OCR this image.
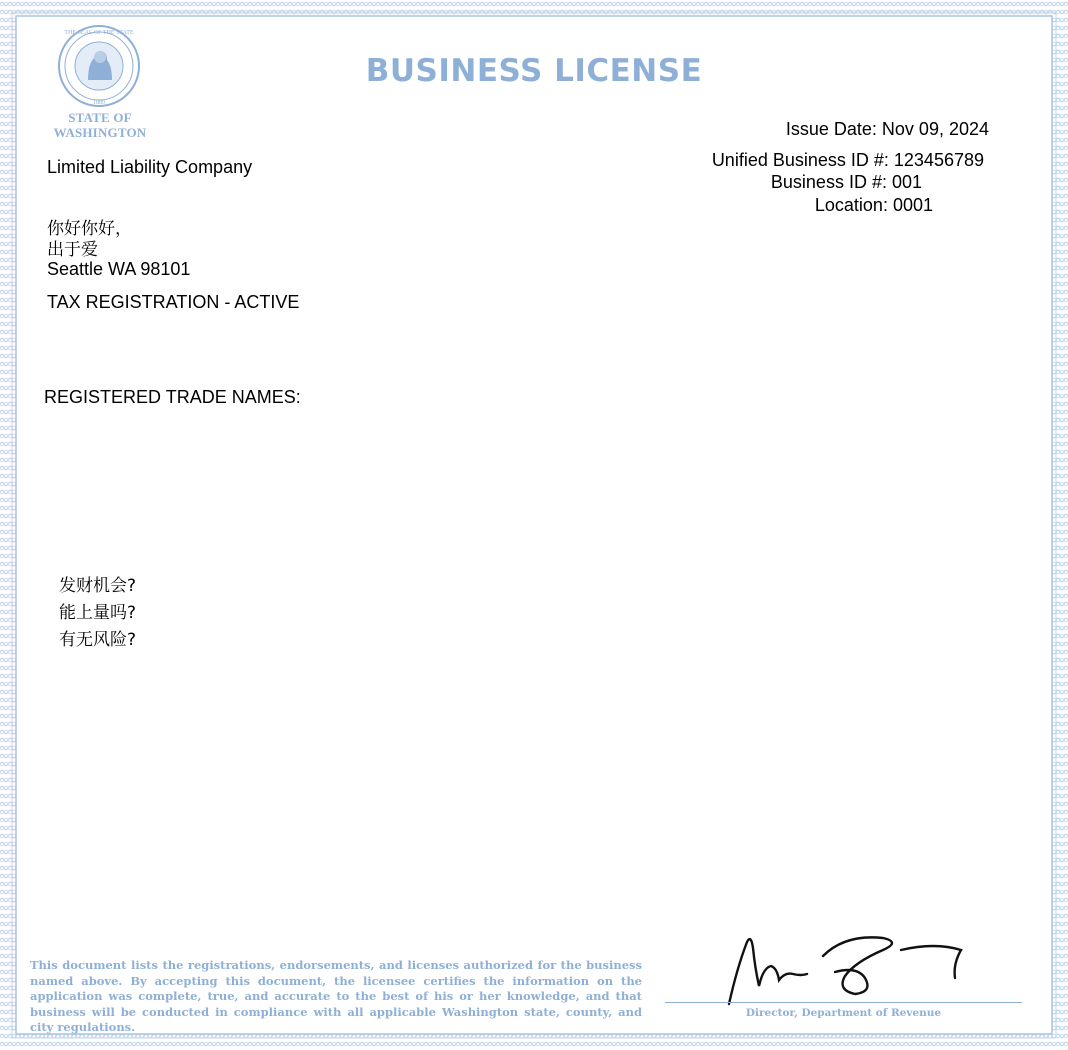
THE SEAL OF THE STATE
1889
STATE OF
WASHINGTON
BUSINESS LICENSE
Limited Liability Company
你好你好，
出于爱
Seattle WA 98101
TAX REGISTRATION - ACTIVE
Issue Date: Nov 09, 2024
Unified Business ID #: 123456789
Business ID #: 001
Location: 0001
REGISTERED TRADE NAMES:
发财机会?
能上量吗?
有无风险?
This document lists the registrations, endorsements, and licenses authorized for the business named above. By accepting this document, the licensee certifies the information on the application was complete, true, and accurate to the best of his or her knowledge, and that business will be conducted in compliance with all applicable Washington state, county, and city regulations.
Director, Department of Revenue
